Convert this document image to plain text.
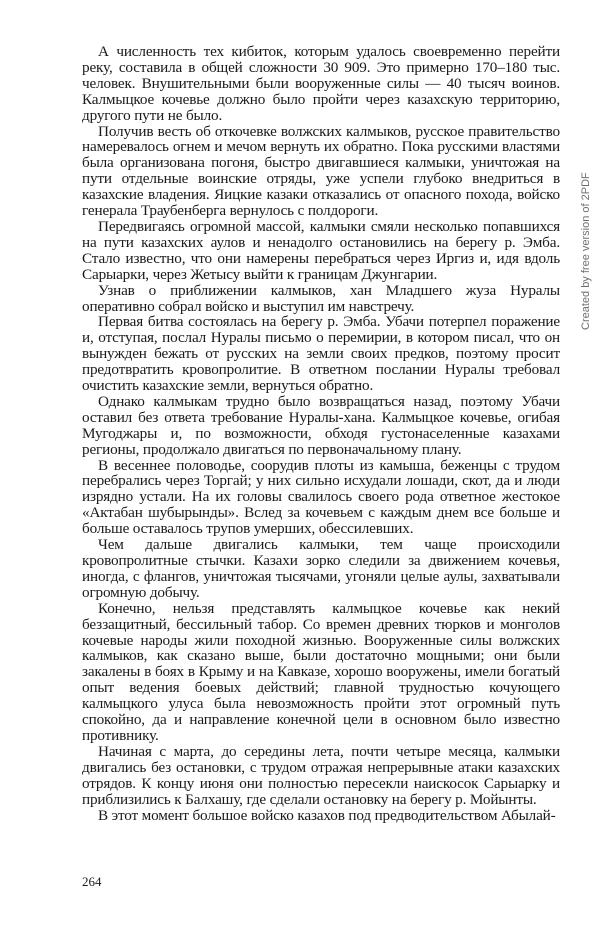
А численность тех кибиток, которым удалось своевременно перейти реку, составила в общей сложности 30 909. Это примерно 170–180 тыс. человек. Внушительными были вооруженные силы — 40 тысяч воинов. Калмыцкое кочевье должно было пройти через казахскую территорию, другого пути не было.

Получив весть об откочевке волжских калмыков, русское правительство намеревалось огнем и мечом вернуть их обратно. Пока русскими властями была организована погоня, быстро двигавшиеся калмыки, уничтожая на пути отдельные воинские отряды, уже успели глубоко внедриться в казахские владения. Яицкие казаки отказались от опасного похода, войско генерала Траубенберга вернулось с полдороги.

Передвигаясь огромной массой, калмыки смяли несколько попавшихся на пути казахских аулов и ненадолго остановились на берегу р. Эмба. Стало известно, что они намерены перебраться через Иргиз и, идя вдоль Сарыарки, через Жетысу выйти к границам Джунгарии.

Узнав о приближении калмыков, хан Младшего жуза Нуралы оперативно собрал войско и выступил им навстречу.

Первая битва состоялась на берегу р. Эмба. Убачи потерпел поражение и, отступая, послал Нуралы письмо о перемирии, в котором писал, что он вынужден бежать от русских на земли своих предков, поэтому просит предотвратить кровопролитие. В ответном послании Нуралы требовал очистить казахские земли, вернуться обратно.

Однако калмыкам трудно было возвращаться назад, поэтому Убачи оставил без ответа требование Нуралы-хана. Калмыцкое кочевье, огибая Мугоджары и, по возможности, обходя густонаселенные казахами регионы, продолжало двигаться по первоначальному плану.

В весеннее половодье, соорудив плоты из камыша, беженцы с трудом перебрались через Торгай; у них сильно исхудали лошади, скот, да и люди изрядно устали. На их головы свалилось своего рода ответное жестокое «Актабан шубырынды». Вслед за кочевьем с каждым днем все больше и больше оставалось трупов умерших, обессилевших.

Чем дальше двигались калмыки, тем чаще происходили кровопролитные стычки. Казахи зорко следили за движением кочевья, иногда, с флангов, уничтожая тысячами, угоняли целые аулы, захватывали огромную добычу.

Конечно, нельзя представлять калмыцкое кочевье как некий беззащитный, бессильный табор. Со времен древних тюрков и монголов кочевые народы жили походной жизнью. Вооруженные силы волжских калмыков, как сказано выше, были достаточно мощными; они были закалены в боях в Крыму и на Кавказе, хорошо вооружены, имели богатый опыт ведения боевых действий; главной трудностью кочующего калмыцкого улуса была невозможность пройти этот огромный путь спокойно, да и направление конечной цели в основном было известно противнику.

Начиная с марта, до середины лета, почти четыре месяца, калмыки двигались без остановки, с трудом отражая непрерывные атаки казахских отрядов. К концу июня они полностью пересекли наискосок Сарыарку и приблизились к Балхашу, где сделали остановку на берегу р. Мойынты.

В этот момент большое войско казахов под предводительством Абылай-

264
Created by free version of 2PDF
